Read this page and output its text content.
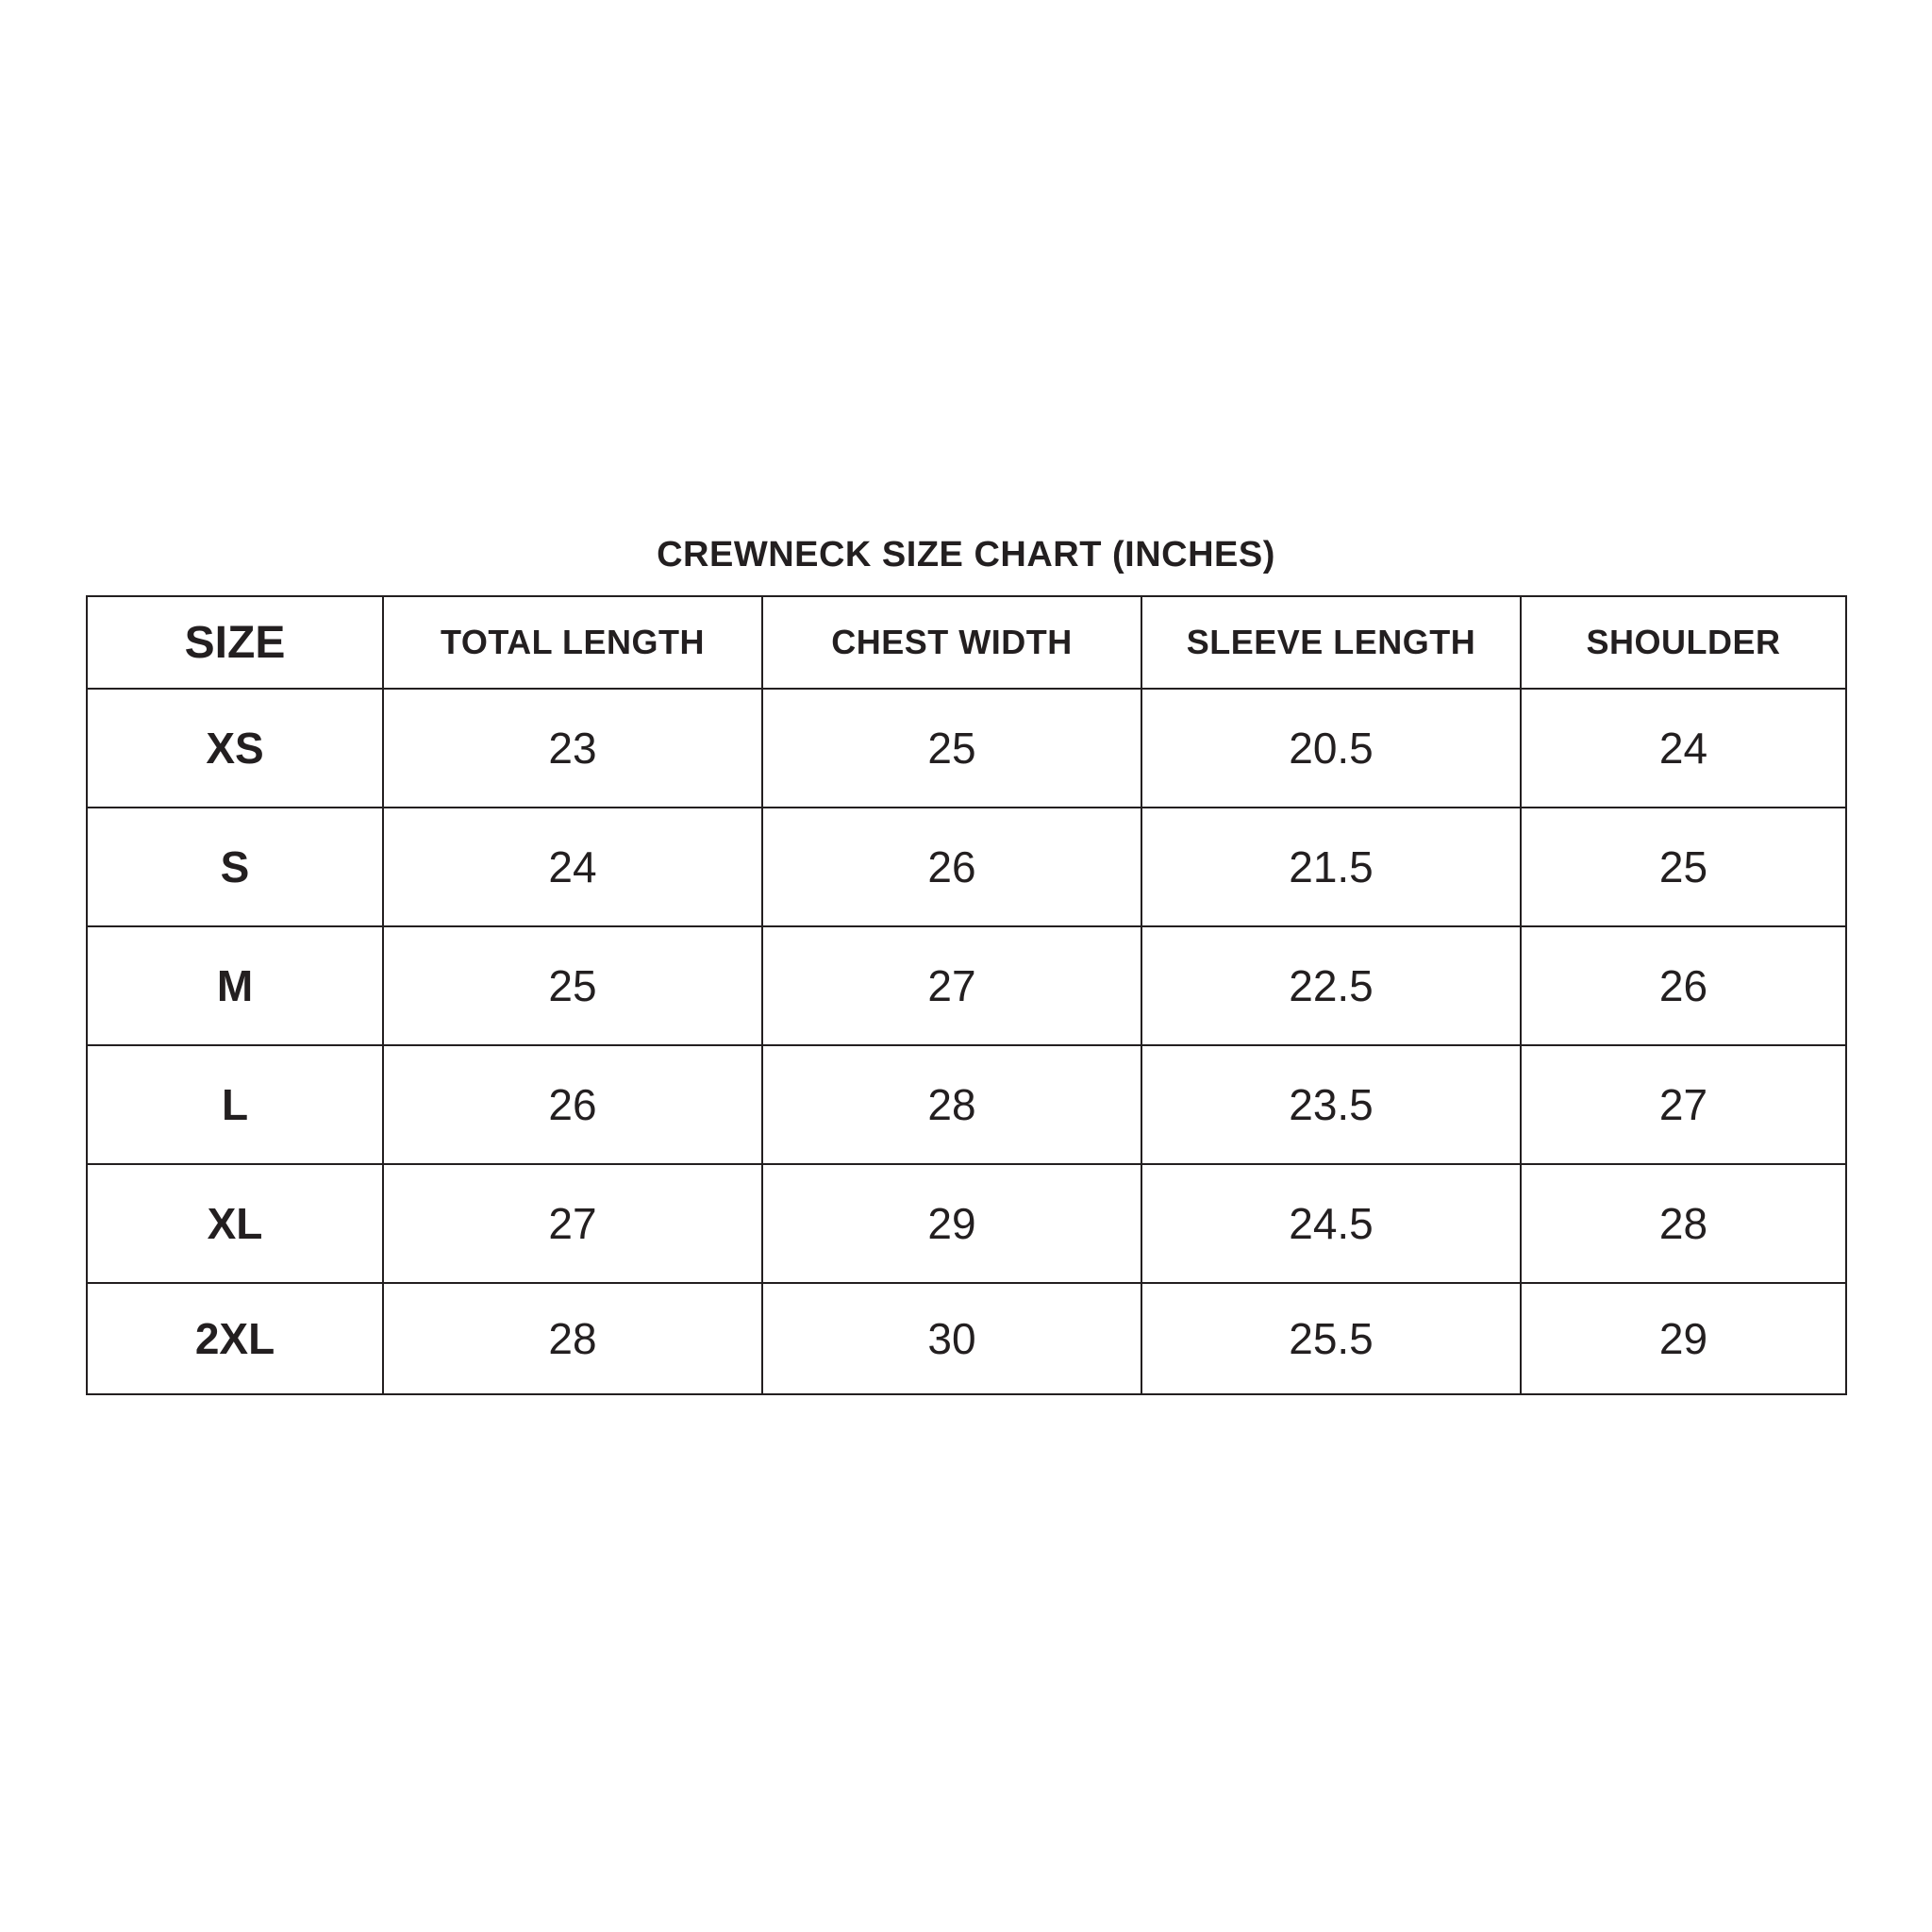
CREWNECK SIZE CHART (INCHES)
SIZE	TOTAL LENGTH	CHEST WIDTH	SLEEVE LENGTH	SHOULDER
XS	23	25	20.5	24
S	24	26	21.5	25
M	25	27	22.5	26
L	26	28	23.5	27
XL	27	29	24.5	28
2XL	28	30	25.5	29
